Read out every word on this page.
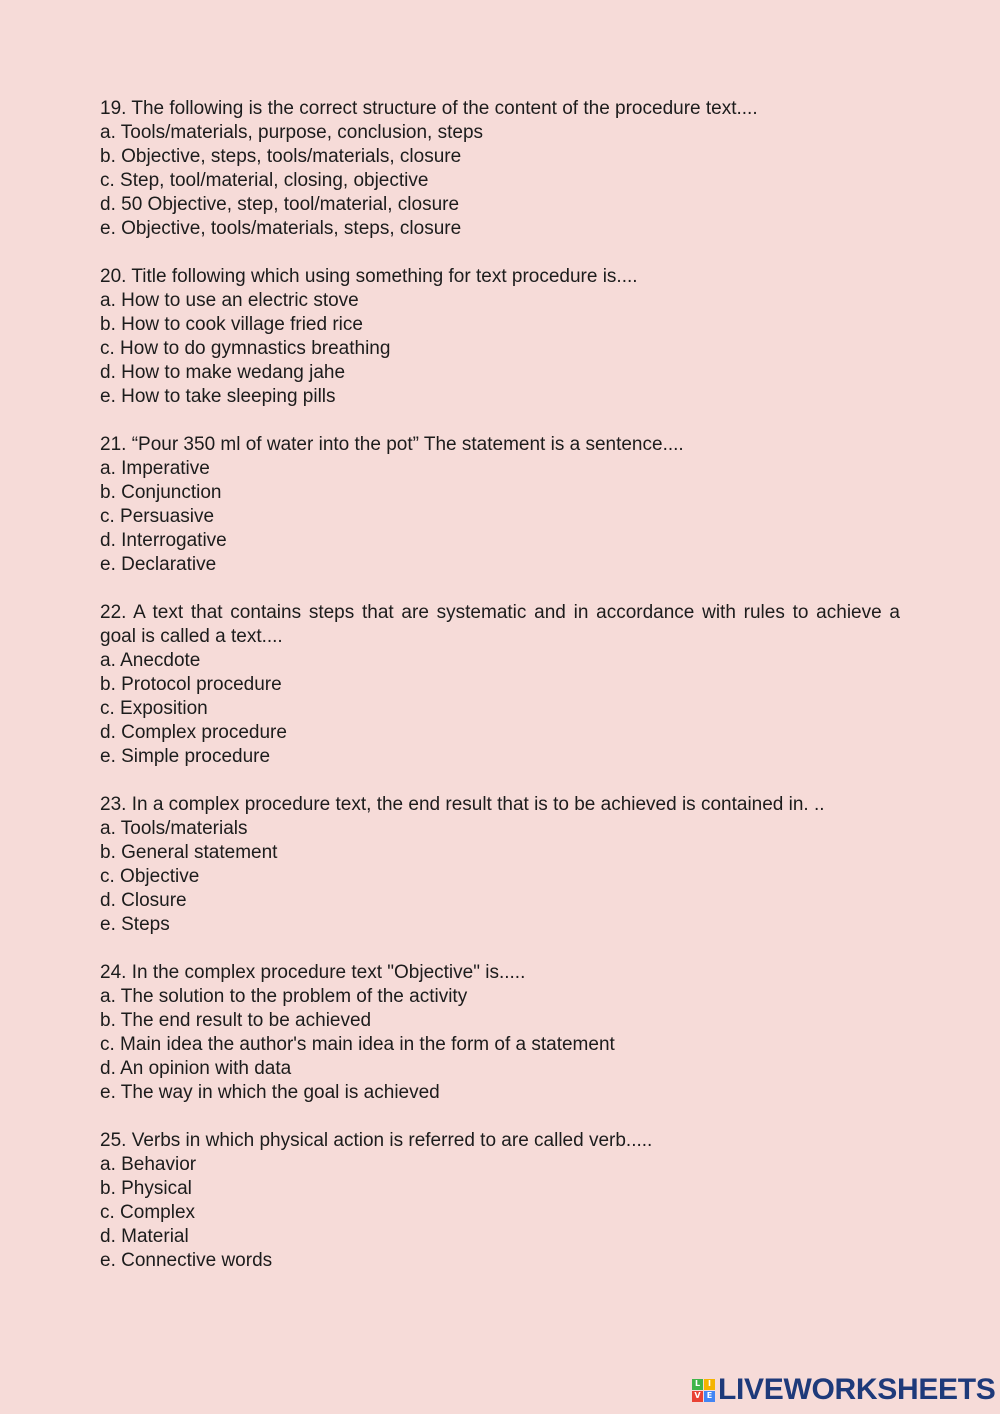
19. The following is the correct structure of the content of the procedure text....

a. Tools/materials, purpose, conclusion, steps

b. Objective, steps, tools/materials, closure

c. Step, tool/material, closing, objective

d. 50 Objective, step, tool/material, closure

e. Objective, tools/materials, steps, closure

20. Title following which using something for text procedure is....

a. How to use an electric stove

b. How to cook village fried rice

c. How to do gymnastics breathing

d. How to make wedang jahe

e. How to take sleeping pills

21. “Pour 350 ml of water into the pot” The statement is a sentence....

a. Imperative

b. Conjunction

c. Persuasive

d. Interrogative

e. Declarative

22. A text that contains steps that are systematic and in accordance with rules to achieve a goal is called a text....

a. Anecdote

b. Protocol procedure

c. Exposition

d. Complex procedure

e. Simple procedure

23. In a complex procedure text, the end result that is to be achieved is contained in. ..

a. Tools/materials

b. General statement

c. Objective

d. Closure

e. Steps

24. In the complex procedure text "Objective" is.....

a. The solution to the problem of the activity

b. The end result to be achieved

c. Main idea the author's main idea in the form of a statement

d. An opinion with data

e. The way in which the goal is achieved

25. Verbs in which physical action is referred to are called verb.....

a. Behavior

b. Physical

c. Complex

d. Material

e. Connective words

L I
V E LIVEWORKSHEETS
